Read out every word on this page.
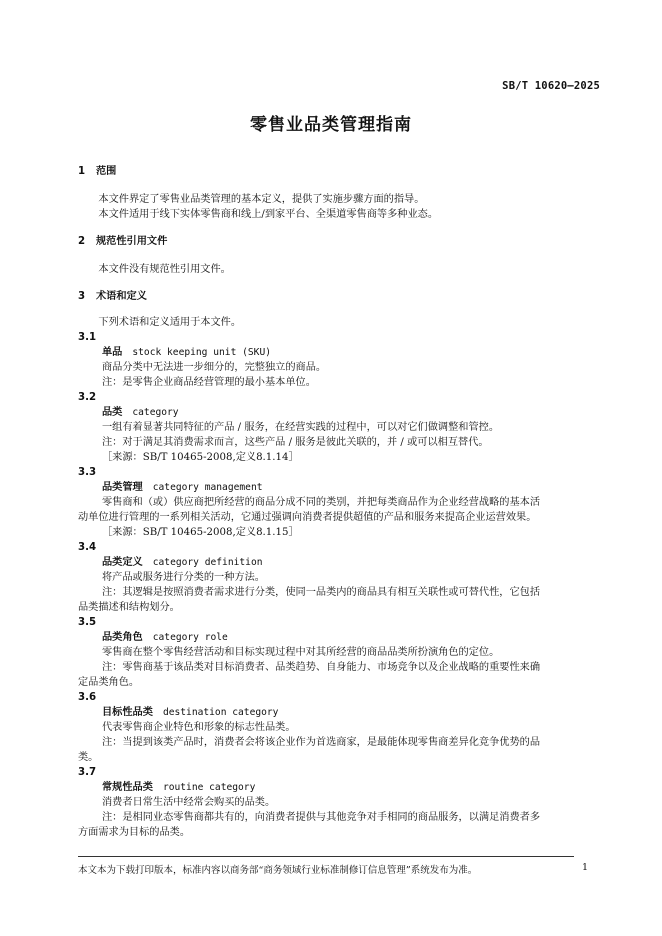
SB/T 10620—2025
零售业品类管理指南
1 范围

本文件界定了零售业品类管理的基本定义，提供了实施步骤方面的指导。

本文件适用于线下实体零售商和线上/到家平台、全渠道零售商等多种业态。

2 规范性引用文件

本文件没有规范性引用文件。

3 术语和定义

下列术语和定义适用于本文件。

3.1
单品 stock keeping unit (SKU)
商品分类中无法进一步细分的，完整独立的商品。
注：是零售企业商品经营管理的最小基本单位。
3.2
品类 category
一组有着显著共同特征的产品 / 服务，在经营实践的过程中，可以对它们做调整和管控。
注：对于满足其消费需求而言，这些产品 / 服务是彼此关联的，并 / 或可以相互替代。
［来源：SB/T 10465-2008,定义8.1.14］
3.3
品类管理 category management
零售商和（或）供应商把所经营的商品分成不同的类别，并把每类商品作为企业经营战略的基本活
动单位进行管理的一系列相关活动，它通过强调向消费者提供超值的产品和服务来提高企业运营效果。
［来源：SB/T 10465-2008,定义8.1.15］
3.4
品类定义 category definition
将产品或服务进行分类的一种方法。
注：其逻辑是按照消费者需求进行分类，使同一品类内的商品具有相互关联性或可替代性，它包括
品类描述和结构划分。
3.5
品类角色 category role
零售商在整个零售经营活动和目标实现过程中对其所经营的商品品类所扮演角色的定位。
注：零售商基于该品类对目标消费者、品类趋势、自身能力、市场竞争以及企业战略的重要性来确
定品类角色。
3.6
目标性品类 destination category
代表零售商企业特色和形象的标志性品类。
注：当提到该类产品时，消费者会将该企业作为首选商家，是最能体现零售商差异化竞争优势的品
类。
3.7
常规性品类 routine category
消费者日常生活中经常会购买的品类。
注：是相同业态零售商都共有的，向消费者提供与其他竞争对手相同的商品服务，以满足消费者多
方面需求为目标的品类。
本文本为下载打印版本，标准内容以商务部“商务领域行业标准制修订信息管理”系统发布为准。	1
